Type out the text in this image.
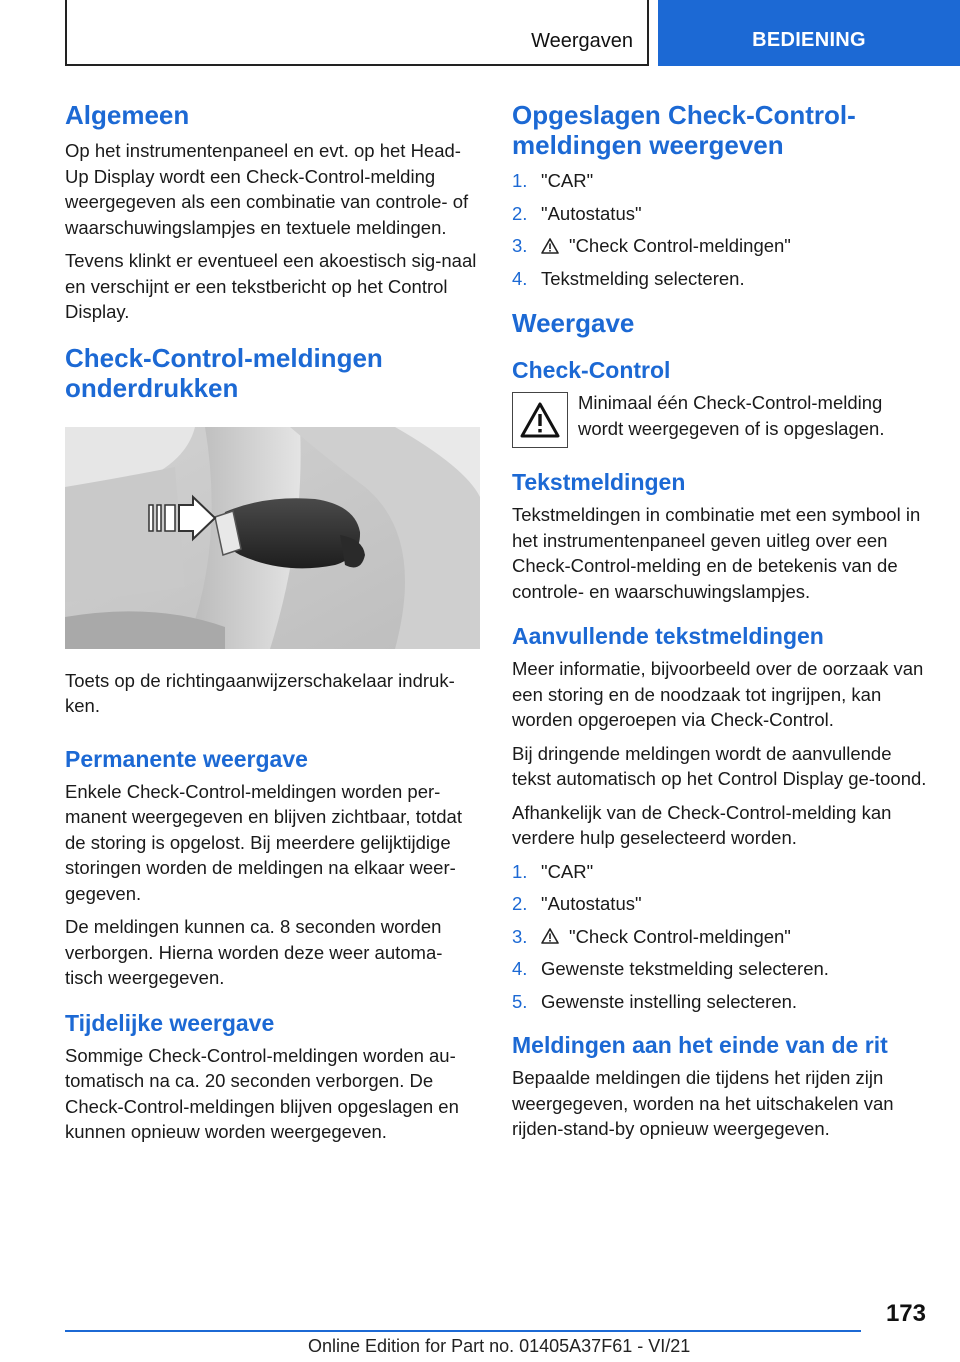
Weergaven	BEDIENING
Algemeen

Op het instrumentenpaneel en evt. op het Head-Up Display wordt een Check-Control-melding weergegeven als een combinatie van controle- of waarschuwingslampjes en textuele meldingen.

Tevens klinkt er eventueel een akoestisch sig-naal en verschijnt er een tekstbericht op het Control Display.

Check-Control-meldingen onderdrukken

Toets op de richtingaanwijzerschakelaar indruk-ken.

Permanente weergave

Enkele Check-Control-meldingen worden per-manent weergegeven en blijven zichtbaar, totdat de storing is opgelost. Bij meerdere gelijktijdige storingen worden de meldingen na elkaar weer-gegeven.

De meldingen kunnen ca. 8 seconden worden verborgen. Hierna worden deze weer automa-tisch weergegeven.

Tijdelijke weergave

Sommige Check-Control-meldingen worden au-tomatisch na ca. 20 seconden verborgen. De Check-Control-meldingen blijven opgeslagen en kunnen opnieuw worden weergegeven.

Opgeslagen Check-Control-meldingen weergeven
1. "CAR"
2. "Autostatus"
3.	"Check Control-meldingen"
4. Tekstmelding selecteren.
Weergave
Check-Control
Minimaal één Check-Control-melding wordt weergegeven of is opgeslagen.
Tekstmeldingen

Tekstmeldingen in combinatie met een symbool in het instrumentenpaneel geven uitleg over een Check-Control-melding en de betekenis van de controle- en waarschuwingslampjes.

Aanvullende tekstmeldingen

Meer informatie, bijvoorbeeld over de oorzaak van een storing en de noodzaak tot ingrijpen, kan worden opgeroepen via Check-Control.

Bij dringende meldingen wordt de aanvullende tekst automatisch op het Control Display ge-toond.

Afhankelijk van de Check-Control-melding kan verdere hulp geselecteerd worden.

1. "CAR"
2. "Autostatus"
3.	"Check Control-meldingen"
4. Gewenste tekstmelding selecteren.
5. Gewenste instelling selecteren.
Meldingen aan het einde van de rit

Bepaalde meldingen die tijdens het rijden zijn weergegeven, worden na het uitschakelen van rijden-stand-by opnieuw weergegeven.

173
Online Edition for Part no. 01405A37F61 - VI/21
